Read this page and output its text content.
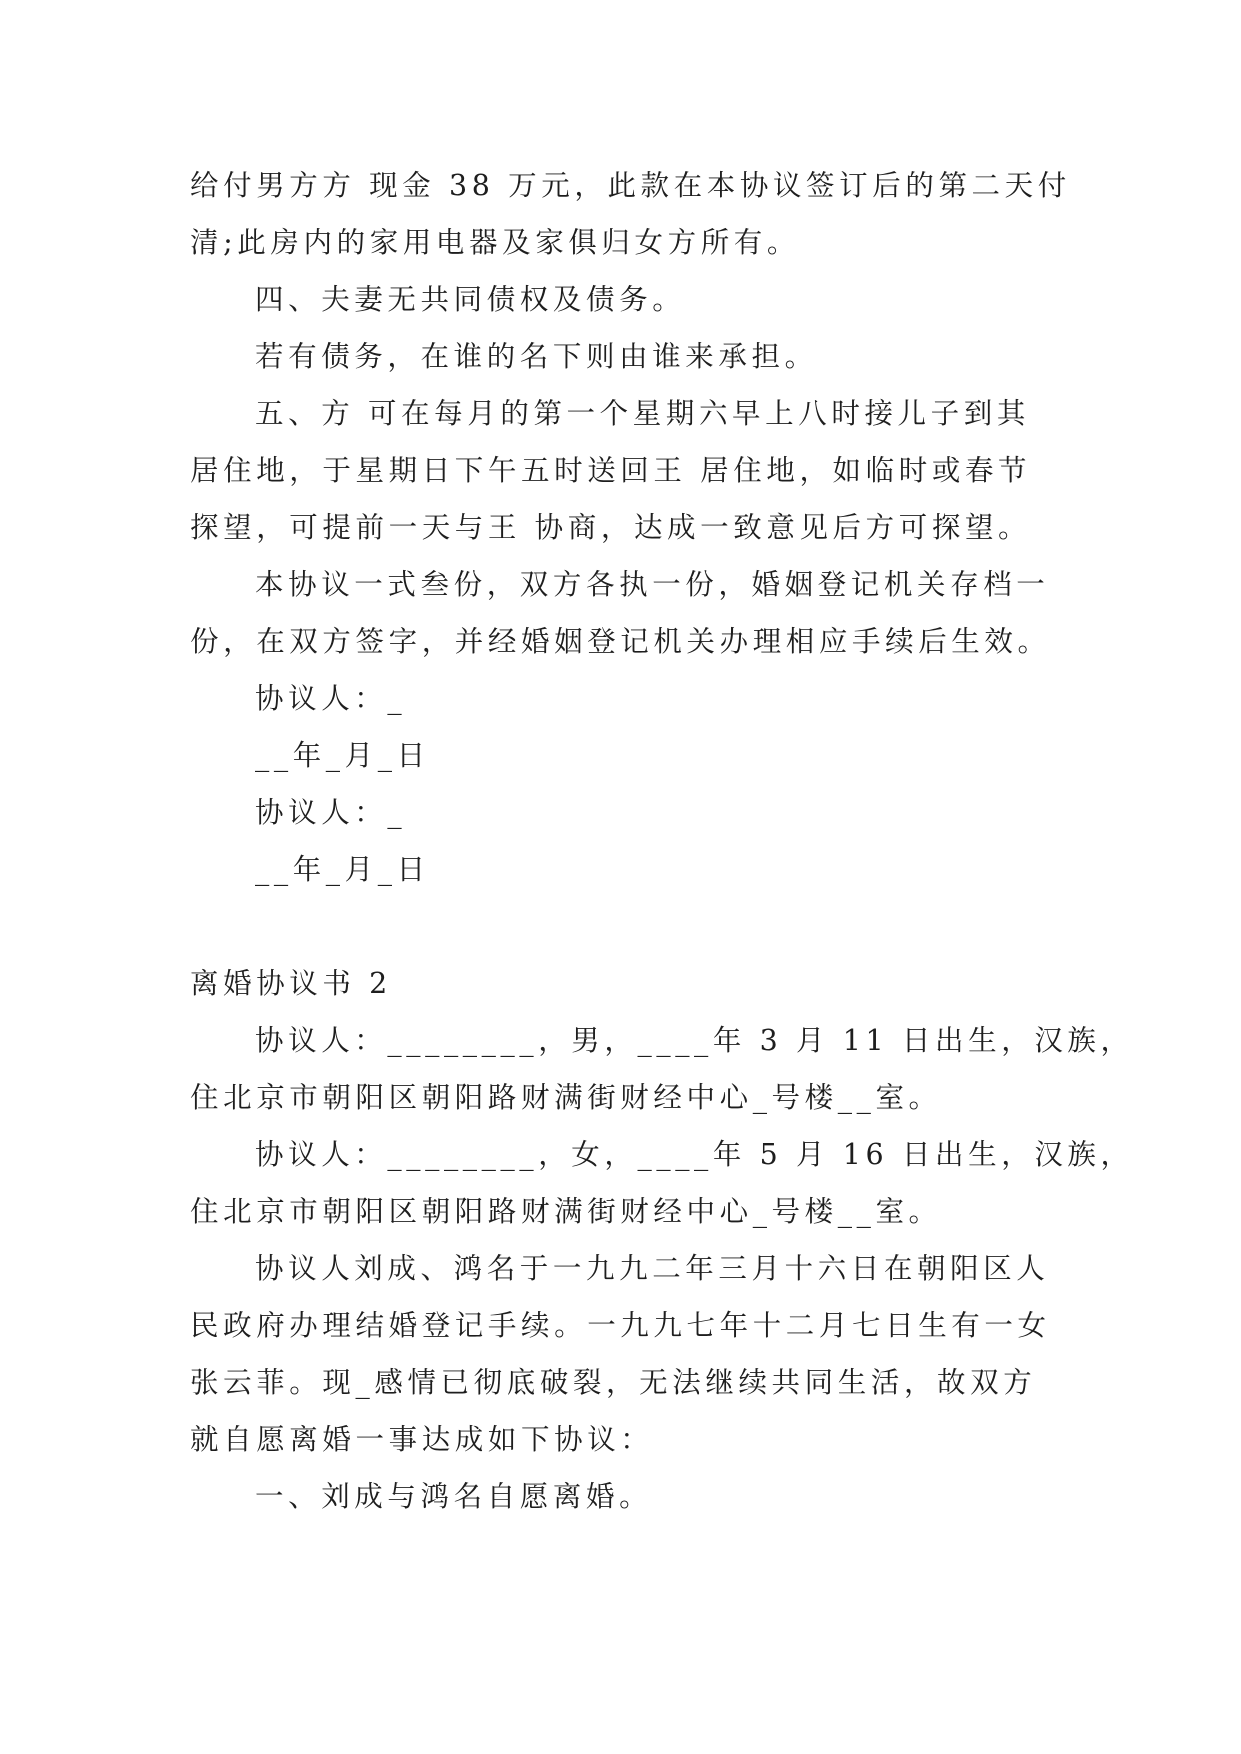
给付男方方 现金 38 万元，此款在本协议签订后的第二天付
清;此房内的家用电器及家俱归女方所有。
四、夫妻无共同债权及债务。
若有债务，在谁的名下则由谁来承担。
五、方 可在每月的第一个星期六早上八时接儿子到其
居住地，于星期日下午五时送回王 居住地，如临时或春节
探望，可提前一天与王 协商，达成一致意见后方可探望。
本协议一式叁份，双方各执一份，婚姻登记机关存档一
份，在双方签字，并经婚姻登记机关办理相应手续后生效。
协议人：_
__年_月_日
协议人：_
__年_月_日
离婚协议书 2
协议人：________，男，____年 3 月 11 日出生，汉族，
住北京市朝阳区朝阳路财满街财经中心_号楼__室。
协议人：________，女，____年 5 月 16 日出生，汉族，
住北京市朝阳区朝阳路财满街财经中心_号楼__室。
协议人刘成、鸿名于一九九二年三月十六日在朝阳区人
民政府办理结婚登记手续。一九九七年十二月七日生有一女
张云菲。现_感情已彻底破裂，无法继续共同生活，故双方
就自愿离婚一事达成如下协议：
一、刘成与鸿名自愿离婚。
